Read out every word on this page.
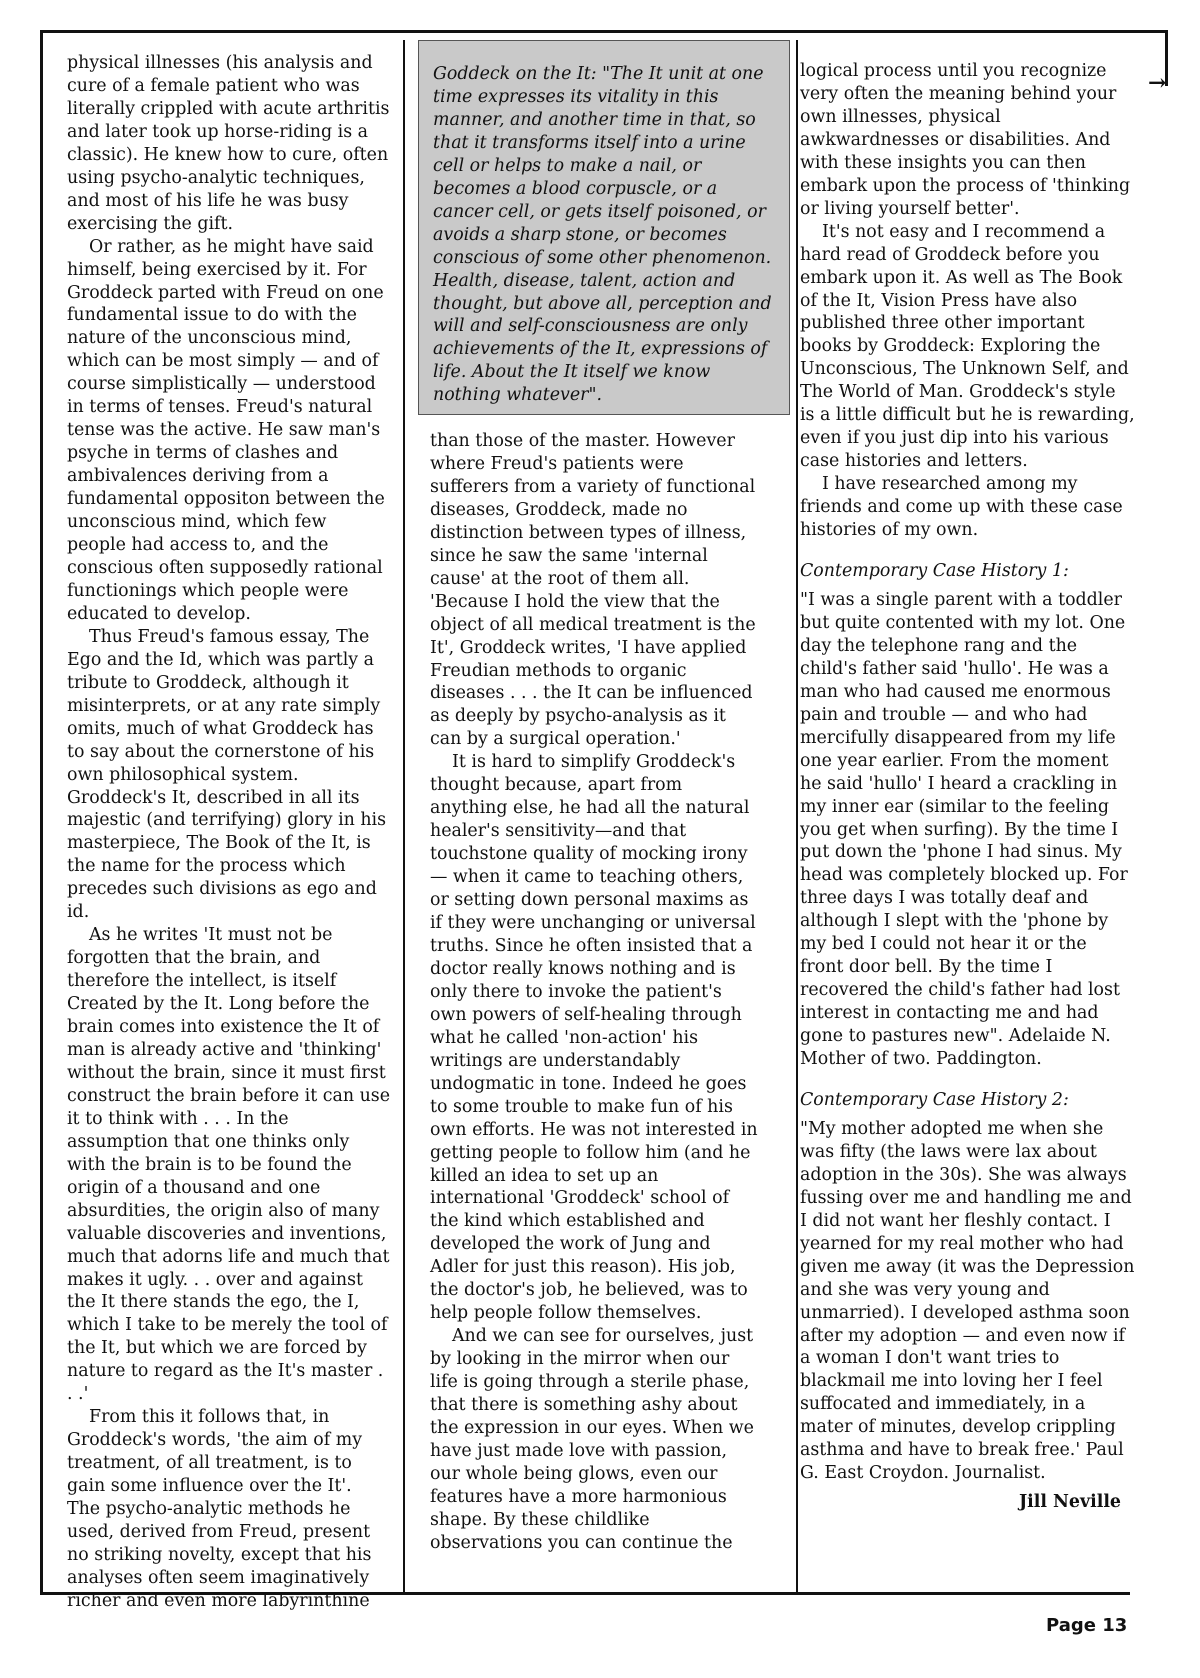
→

physical illnesses (his analysis and cure of a female patient who was literally crippled with acute arthritis and later took up horse-riding is a classic). He knew how to cure, often using psycho-analytic techniques, and most of his life he was busy exercising the gift.

Or rather, as he might have said himself, being exercised by it. For Groddeck parted with Freud on one fundamental issue to do with the nature of the unconscious mind, which can be most simply — and of course simplistically — understood in terms of tenses. Freud's natural tense was the active. He saw man's psyche in terms of clashes and ambivalences deriving from a fundamental oppositon between the unconscious mind, which few people had access to, and the conscious often supposedly rational functionings which people were educated to develop.

Thus Freud's famous essay, The Ego and the Id, which was partly a tribute to Groddeck, although it misinterprets, or at any rate simply omits, much of what Groddeck has to say about the cornerstone of his own philosophical system. Groddeck's It, described in all its majestic (and terrifying) glory in his masterpiece, The Book of the It, is the name for the process which precedes such divisions as ego and id.

As he writes 'It must not be forgotten that the brain, and therefore the intellect, is itself Created by the It. Long before the brain comes into existence the It of man is already active and 'thinking' without the brain, since it must first construct the brain before it can use it to think with . . . In the assumption that one thinks only with the brain is to be found the origin of a thousand and one absurdities, the origin also of many valuable discoveries and inventions, much that adorns life and much that makes it ugly. . . over and against the It there stands the ego, the I, which I take to be merely the tool of the It, but which we are forced by nature to regard as the It's master . . .'

From this it follows that, in Groddeck's words, 'the aim of my treatment, of all treatment, is to gain some influence over the It'. The psycho-analytic methods he used, derived from Freud, present no striking novelty, except that his analyses often seem imaginatively richer and even more labyrinthine

Goddeck on the It: "The It unit at one time expresses its vitality in this manner, and another time in that, so that it transforms itself into a urine cell or helps to make a nail, or becomes a blood corpuscle, or a cancer cell, or gets itself poisoned, or avoids a sharp stone, or becomes conscious of some other phenomenon. Health, disease, talent, action and thought, but above all, perception and will and self-consciousness are only achievements of the It, expressions of life. About the It itself we know nothing whatever".

than those of the master. However where Freud's patients were sufferers from a variety of functional diseases, Groddeck, made no distinction between types of illness, since he saw the same 'internal cause' at the root of them all. 'Because I hold the view that the object of all medical treatment is the It', Groddeck writes, 'I have applied Freudian methods to organic diseases . . . the It can be influenced as deeply by psycho-analysis as it can by a surgical operation.'

It is hard to simplify Groddeck's thought because, apart from anything else, he had all the natural healer's sensitivity—and that touchstone quality of mocking irony — when it came to teaching others, or setting down personal maxims as if they were unchanging or universal truths. Since he often insisted that a doctor really knows nothing and is only there to invoke the patient's own powers of self-healing through what he called 'non-action' his writings are understandably undogmatic in tone. Indeed he goes to some trouble to make fun of his own efforts. He was not interested in getting people to follow him (and he killed an idea to set up an international 'Groddeck' school of the kind which established and developed the work of Jung and Adler for just this reason). His job, the doctor's job, he believed, was to help people follow themselves.

And we can see for ourselves, just by looking in the mirror when our life is going through a sterile phase, that there is something ashy about the expression in our eyes. When we have just made love with passion, our whole being glows, even our features have a more harmonious shape. By these childlike observations you can continue the

logical process until you recognize very often the meaning behind your own illnesses, physical awkwardnesses or disabilities. And with these insights you can then embark upon the process of 'thinking or living yourself better'.

It's not easy and I recommend a hard read of Groddeck before you embark upon it. As well as The Book of the It, Vision Press have also published three other important books by Groddeck: Exploring the Unconscious, The Unknown Self, and The World of Man. Groddeck's style is a little difficult but he is rewarding, even if you just dip into his various case histories and letters.

I have researched among my friends and come up with these case histories of my own.

Contemporary Case History 1:

"I was a single parent with a toddler but quite contented with my lot. One day the telephone rang and the child's father said 'hullo'. He was a man who had caused me enormous pain and trouble — and who had mercifully disappeared from my life one year earlier. From the moment he said 'hullo' I heard a crackling in my inner ear (similar to the feeling you get when surfing). By the time I put down the 'phone I had sinus. My head was completely blocked up. For three days I was totally deaf and although I slept with the 'phone by my bed I could not hear it or the front door bell. By the time I recovered the child's father had lost interest in contacting me and had gone to pastures new". Adelaide N. Mother of two. Paddington.

Contemporary Case History 2:

"My mother adopted me when she was fifty (the laws were lax about adoption in the 30s). She was always fussing over me and handling me and I did not want her fleshly contact. I yearned for my real mother who had given me away (it was the Depression and she was very young and unmarried). I developed asthma soon after my adoption — and even now if a woman I don't want tries to blackmail me into loving her I feel suffocated and immediately, in a mater of minutes, develop crippling asthma and have to break free.' Paul G. East Croydon. Journalist.

Jill Neville

Page 13
